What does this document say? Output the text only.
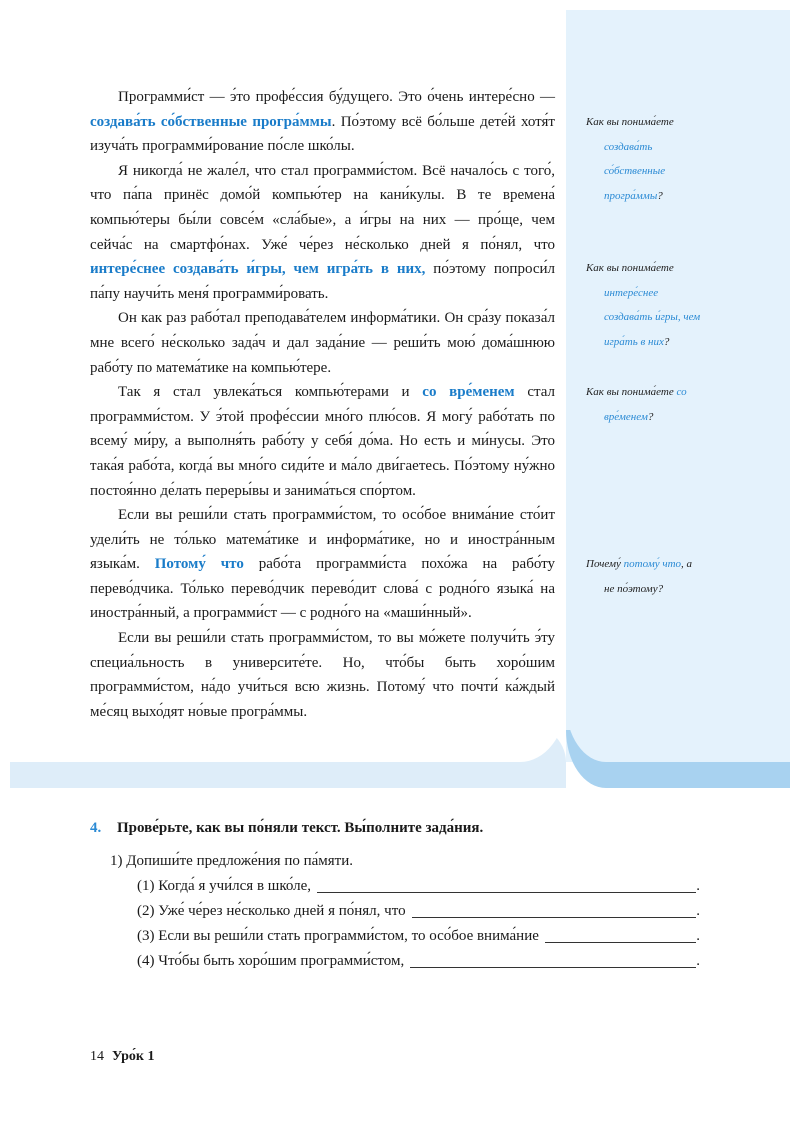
Программи́ст — э́то профе́ссия бу́дущего. Это о́чень интере́сно — создава́ть со́бственные програ́ммы. По́этому всё бо́льше дете́й хотя́т изуча́ть программи́рование по́сле шко́лы.

Я никогда́ не жале́л, что стал программи́стом. Всё начало́сь с того́, что па́па принёс домо́й компью́тер на кани́кулы. В те времена́ компью́теры бы́ли совсе́м «сла́бые», а и́гры на них — про́ще, чем сейча́с на смартфо́нах. Уже́ че́рез не́сколько дней я по́нял, что интере́снее создава́ть и́гры, чем игра́ть в них, по́этому попроси́л па́пу научи́ть меня́ программи́ровать.

Он как раз рабо́тал преподава́телем информа́тики. Он сра́зу показа́л мне всего́ не́сколько зада́ч и дал зада́ние — реши́ть мою́ дома́шнюю рабо́ту по матема́тике на компью́тере.

Так я стал увлека́ться компью́терами и со вре́менем стал программи́стом. У э́той профе́ссии мно́го плю́сов. Я могу́ рабо́тать по всему́ ми́ру, а выполня́ть рабо́ту у себя́ до́ма. Но есть и ми́нусы. Это така́я рабо́та, когда́ вы мно́го сиди́те и ма́ло дви́гаетесь. По́этому ну́жно постоя́нно де́лать переры́вы и занима́ться спо́ртом.

Если вы реши́ли стать программи́стом, то осо́бое внима́ние сто́ит удели́ть не то́лько матема́тике и информа́тике, но и иностра́нным языка́м. Потому́ что рабо́та программи́ста похо́жа на рабо́ту перево́дчика. То́лько перево́дчик перево́дит слова́ с родно́го языка́ на иностра́нный, а программи́ст — с родно́го на «маши́нный».

Если вы реши́ли стать программи́стом, то вы мо́жете получи́ть э́ту специа́льность в университе́те. Но, что́бы быть хоро́шим программи́стом, на́до учи́ться всю жизнь. Потому́ что почти́ ка́ждый ме́сяц выхо́дят но́вые програ́ммы.

Как вы понима́ете
создава́ть
со́бственные
програ́ммы?
Как вы понима́ете
интере́снее
создава́ть и́гры, чем
игра́ть в них?
Как вы понима́ете со
вре́менем?
Почему́ потому́ что, а
не по́этому?
4. Прове́рьте, как вы по́няли текст. Вы́полните зада́ния.
1) Допиши́те предложе́ния по па́мяти.
(1) Когда́ я учи́лся в шко́ле,	.
(2) Уже́ че́рез не́сколько дней я по́нял, что	.
(3) Если вы реши́ли стать программи́стом, то осо́бое внима́ние	.
(4) Что́бы быть хоро́шим программи́стом,	.
14 Уро́к 1
